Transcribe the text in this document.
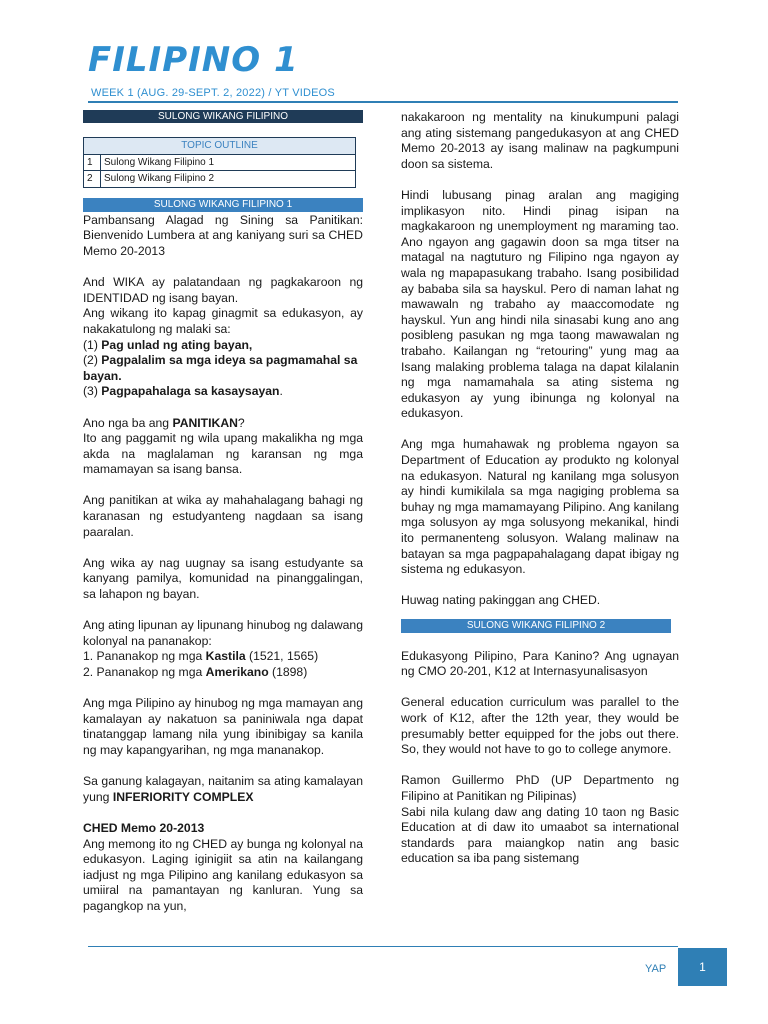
FILIPINO 1
WEEK 1 (AUG. 29-SEPT. 2, 2022) / YT VIDEOS
SULONG WIKANG FILIPINO
TOPIC OUTLINE	
1	Sulong Wikang Filipino 1
2	Sulong Wikang Filipino 2
SULONG WIKANG FILIPINO 1

Pambansang Alagad ng Sining sa Panitikan: Bienvenido Lumbera at ang kaniyang suri sa CHED Memo 20-2013

And WIKA ay palatandaan ng pagkakaroon ng IDENTIDAD ng isang bayan.

Ang wikang ito kapag ginagmit sa edukasyon, ay nakakatulong ng malaki sa:

(1) Pag unlad ng ating bayan,
(2) Pagpalalim sa mga ideya sa pagmamahal sa bayan.
(3) Pagpapahalaga sa kasaysayan.

Ano nga ba ang PANITIKAN?

Ito ang paggamit ng wila upang makalikha ng mga akda na maglalaman ng karansan ng mga mamamayan sa isang bansa.

Ang panitikan at wika ay mahahalagang bahagi ng karanasan ng estudyanteng nagdaan sa isang paaralan.

Ang wika ay nag uugnay sa isang estudyante sa kanyang pamilya, komunidad na pinanggalingan, sa lahapon ng bayan.

Ang ating lipunan ay lipunang hinubog ng dalawang kolonyal na pananakop:

1. Pananakop ng mga Kastila (1521, 1565)
2. Pananakop ng mga Amerikano (1898)

Ang mga Pilipino ay hinubog ng mga mamayan ang kamalayan ay nakatuon sa paniniwala nga dapat tinatanggap lamang nila yung ibinibigay sa kanila ng may kapangyarihan, ng mga mananakop.

Sa ganung kalagayan, naitanim sa ating kamalayan yung INFERIORITY COMPLEX

CHED Memo 20-2013

Ang memong ito ng CHED ay bunga ng kolonyal na edukasyon. Laging iginigiit sa atin na kailangang iadjust ng mga Pilipino ang kanilang edukasyon sa umiiral na pamantayan ng kanluran. Yung sa pagangkop na yun,

nakakaroon ng mentality na kinukumpuni palagi ang ating sistemang pangedukasyon at ang CHED Memo 20-2013 ay isang malinaw na pagkumpuni doon sa sistema.

Hindi lubusang pinag aralan ang magiging implikasyon nito. Hindi pinag isipan na magkakaroon ng unemployment ng maraming tao. Ano ngayon ang gagawin doon sa mga titser na matagal na nagtuturo ng Filipino nga ngayon ay wala ng mapapasukang trabaho. Isang posibilidad ay bababa sila sa hayskul. Pero di naman lahat ng mawawaln ng trabaho ay maaccomodate ng hayskul. Yun ang hindi nila sinasabi kung ano ang posibleng pasukan ng mga taong mawawalan ng trabaho. Kailangan ng “retouring” yung mag aa Isang malaking problema talaga na dapat kilalanin ng mga namamahala sa ating sistema ng edukasyon ay yung ibinunga ng kolonyal na edukasyon.

Ang mga humahawak ng problema ngayon sa Department of Education ay produkto ng kolonyal na edukasyon. Natural ng kanilang mga solusyon ay hindi kumikilala sa mga nagiging problema sa buhay ng mga mamamayang Pilipino. Ang kanilang mga solusyon ay mga solusyong mekanikal, hindi ito permanenteng solusyon. Walang malinaw na batayan sa mga pagpapahalagang dapat ibigay ng sistema ng edukasyon.

Huwag nating pakinggan ang CHED.

SULONG WIKANG FILIPINO 2

Edukasyong Pilipino, Para Kanino? Ang ugnayan ng CMO 20-201, K12 at Internasyunalisasyon

General education curriculum was parallel to the work of K12, after the 12th year, they would be presumably better equipped for the jobs out there. So, they would not have to go to college anymore.

Ramon Guillermo PhD (UP Departmento ng Filipino at Panitikan ng Pilipinas)

Sabi nila kulang daw ang dating 10 taon ng Basic Education at di daw ito umaabot sa international standards para maiangkop natin ang basic education sa iba pang sistemang

YAP	1
